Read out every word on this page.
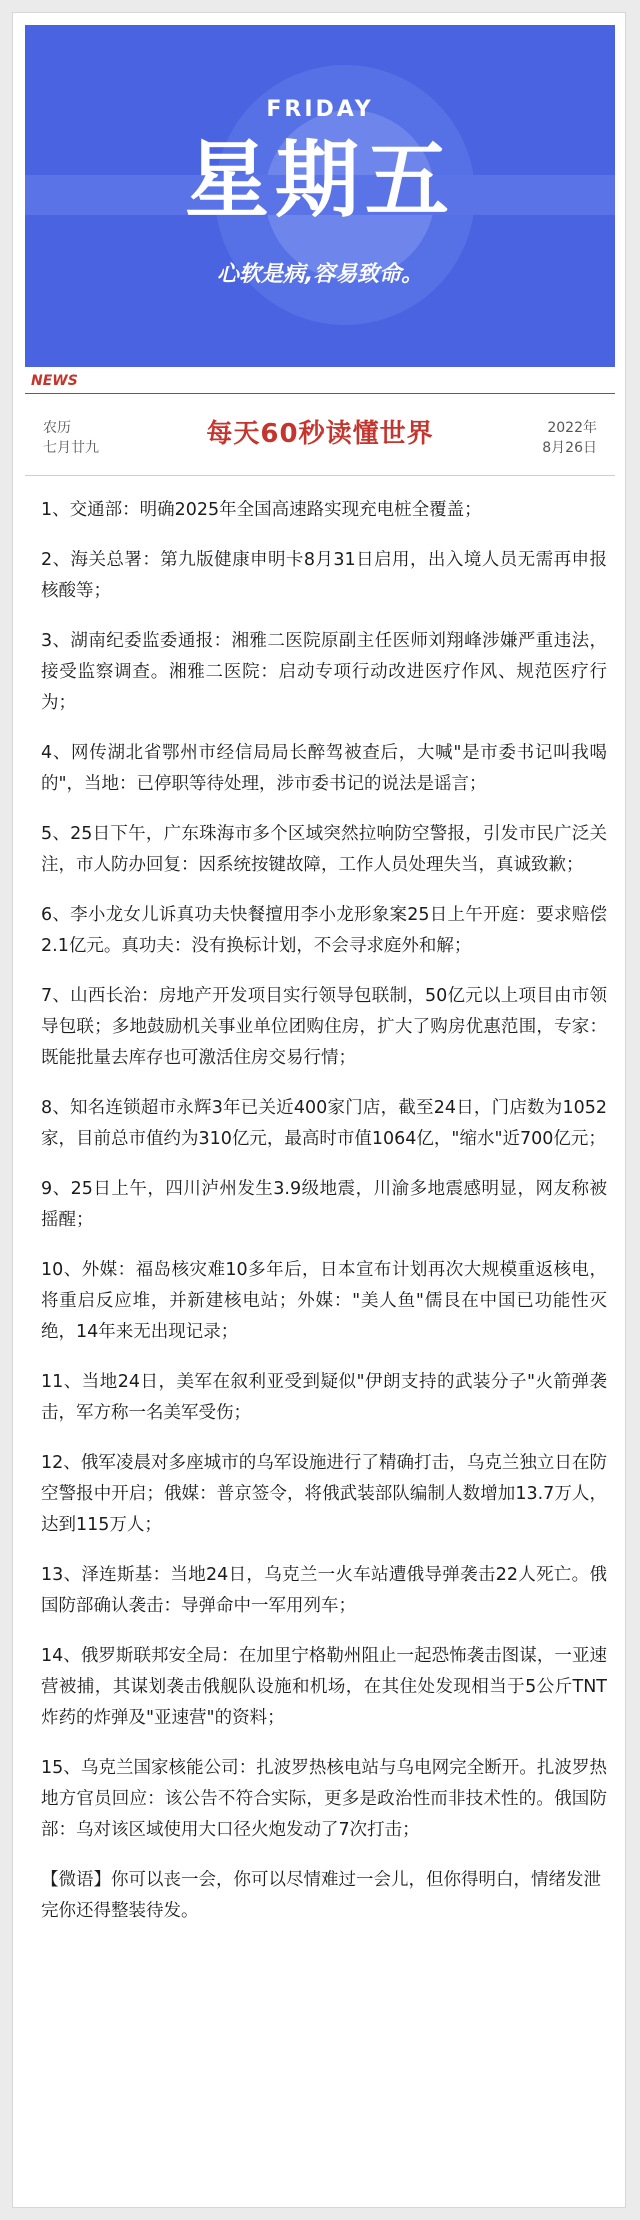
FRIDAY
星期五
心软是病,容易致命。
NEWS
农历
七月廿九	每天60秒读懂世界	2022年
8月26日

1、交通部：明确2025年全国高速路实现充电桩全覆盖；

2、海关总署：第九版健康申明卡8月31日启用，出入境人员无需再申报核酸等；

3、湖南纪委监委通报：湘雅二医院原副主任医师刘翔峰涉嫌严重违法，接受监察调查。湘雅二医院：启动专项行动改进医疗作风、规范医疗行为；

4、网传湖北省鄂州市经信局局长醉驾被查后，大喊"是市委书记叫我喝的"，当地：已停职等待处理，涉市委书记的说法是谣言；

5、25日下午，广东珠海市多个区域突然拉响防空警报，引发市民广泛关注，市人防办回复：因系统按键故障，工作人员处理失当，真诚致歉；

6、李小龙女儿诉真功夫快餐擅用李小龙形象案25日上午开庭：要求赔偿2.1亿元。真功夫：没有换标计划，不会寻求庭外和解；

7、山西长治：房地产开发项目实行领导包联制，50亿元以上项目由市领导包联；多地鼓励机关事业单位团购住房，扩大了购房优惠范围，专家：既能批量去库存也可激活住房交易行情；

8、知名连锁超市永辉3年已关近400家门店，截至24日，门店数为1052家，目前总市值约为310亿元，最高时市值1064亿，"缩水"近700亿元；

9、25日上午，四川泸州发生3.9级地震，川渝多地震感明显，网友称被摇醒；

10、外媒：福岛核灾难10多年后，日本宣布计划再次大规模重返核电，将重启反应堆，并新建核电站；外媒："美人鱼"儒艮在中国已功能性灭绝，14年来无出现记录；

11、当地24日，美军在叙利亚受到疑似"伊朗支持的武装分子"火箭弹袭击，军方称一名美军受伤；

12、俄军凌晨对多座城市的乌军设施进行了精确打击，乌克兰独立日在防空警报中开启；俄媒：普京签令，将俄武装部队编制人数增加13.7万人，达到115万人；

13、泽连斯基：当地24日，乌克兰一火车站遭俄导弹袭击22人死亡。俄国防部确认袭击：导弹命中一军用列车；

14、俄罗斯联邦安全局：在加里宁格勒州阻止一起恐怖袭击图谋，一亚速营被捕，其谋划袭击俄舰队设施和机场，在其住处发现相当于5公斤TNT炸药的炸弹及"亚速营"的资料；

15、乌克兰国家核能公司：扎波罗热核电站与乌电网完全断开。扎波罗热地方官员回应：该公告不符合实际，更多是政治性而非技术性的。俄国防部：乌对该区域使用大口径火炮发动了7次打击；

【微语】你可以丧一会，你可以尽情难过一会儿，但你得明白，情绪发泄完你还得整装待发。
